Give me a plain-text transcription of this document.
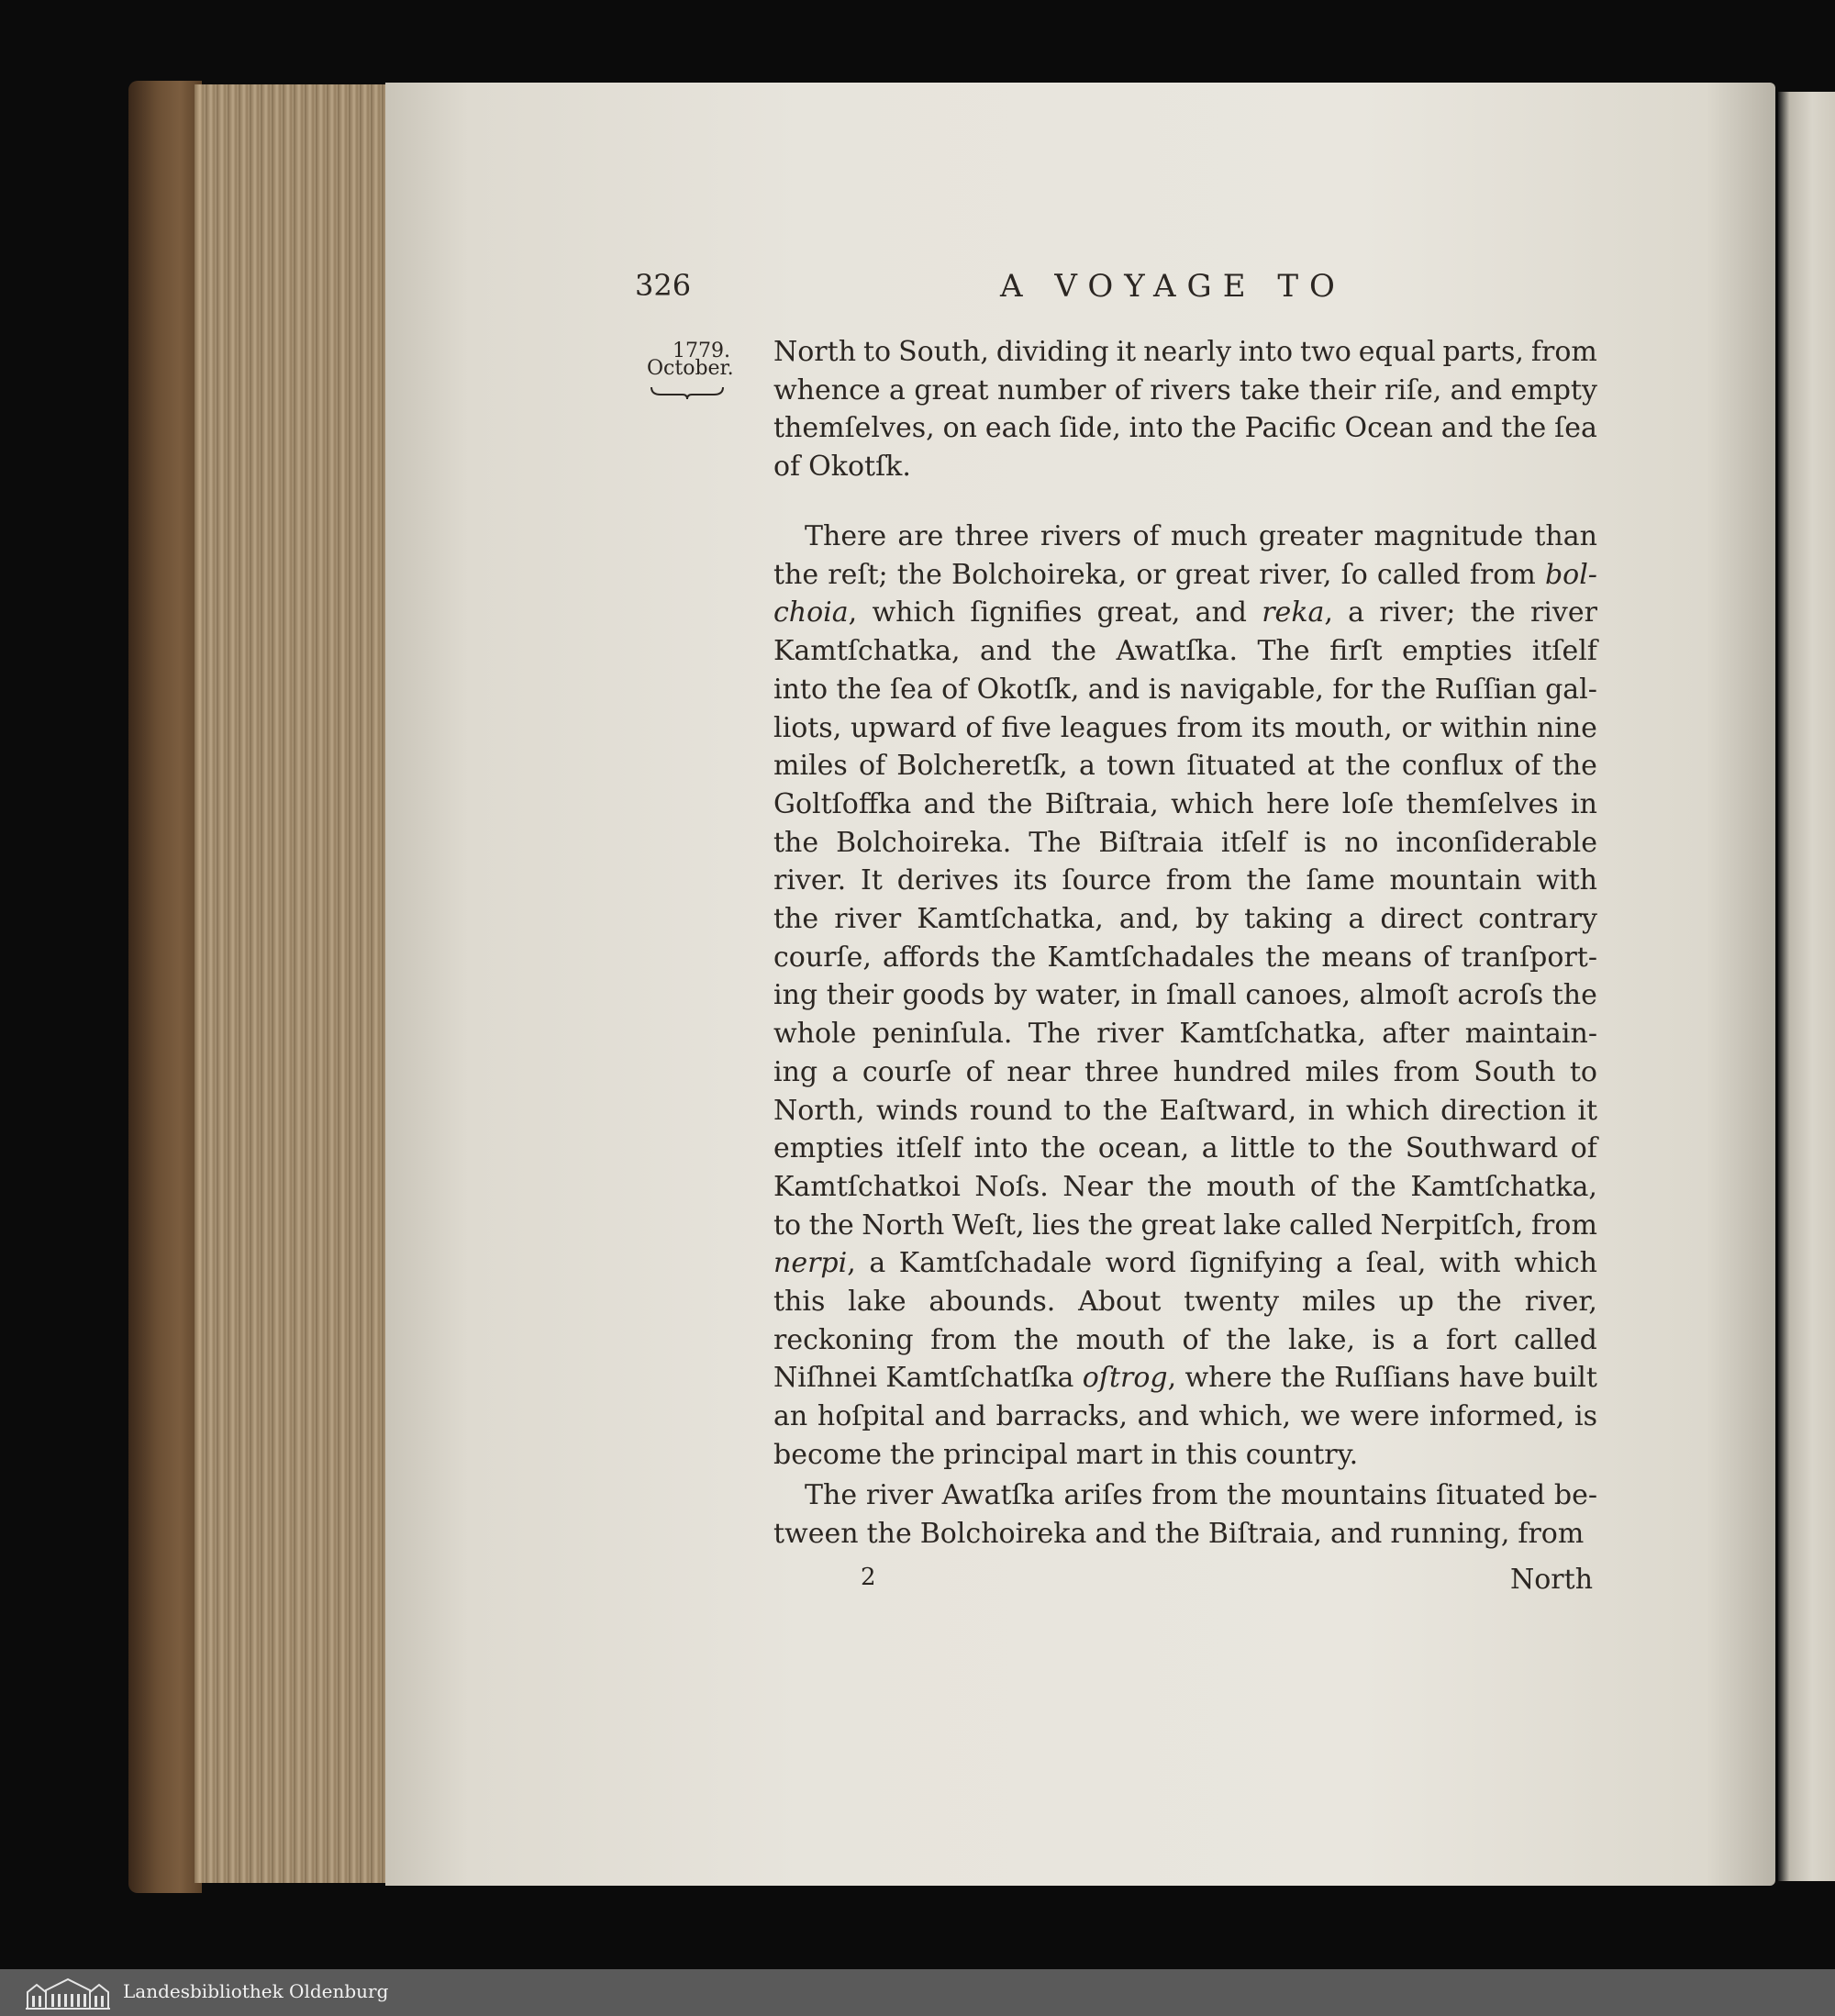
326	A VOYAGE TO
1779.
October.
North to South, dividing it nearly into two equal parts, from
whence a great number of rivers take their riſe, and empty
themſelves, on each ſide, into the Pacific Ocean and the ſea
of Okotſk.
There are three rivers of much greater magnitude than
the reſt; the Bolchoireka, or great river, ſo called from bol-
choia, which ſignifies great, and reka, a river; the river
Kamtſchatka, and the Awatſka. The firſt empties itſelf
into the ſea of Okotſk, and is navigable, for the Ruſſian gal-
liots, upward of five leagues from its mouth, or within nine
miles of Bolcheretſk, a town ſituated at the conflux of the
Goltſoffka and the Biſtraia, which here loſe themſelves in
the Bolchoireka. The Biſtraia itſelf is no inconſiderable
river. It derives its ſource from the ſame mountain with
the river Kamtſchatka, and, by taking a direct contrary
courſe, affords the Kamtſchadales the means of tranſport-
ing their goods by water, in ſmall canoes, almoſt acroſs the
whole peninſula. The river Kamtſchatka, after maintain-
ing a courſe of near three hundred miles from South to
North, winds round to the Eaſtward, in which direction it
empties itſelf into the ocean, a little to the Southward of
Kamtſchatkoi Noſs. Near the mouth of the Kamtſchatka,
to the North Weſt, lies the great lake called Nerpitſch, from
nerpi, a Kamtſchadale word ſignifying a ſeal, with which
this lake abounds. About twenty miles up the river,
reckoning from the mouth of the lake, is a fort called
Niſhnei Kamtſchatſka oſtrog, where the Ruſſians have built
an hoſpital and barracks, and which, we were informed, is
become the principal mart in this country.
The river Awatſka ariſes from the mountains ſituated be-
tween the Bolchoireka and the Biſtraia, and running, from
2	North
Landesbibliothek Oldenburg
